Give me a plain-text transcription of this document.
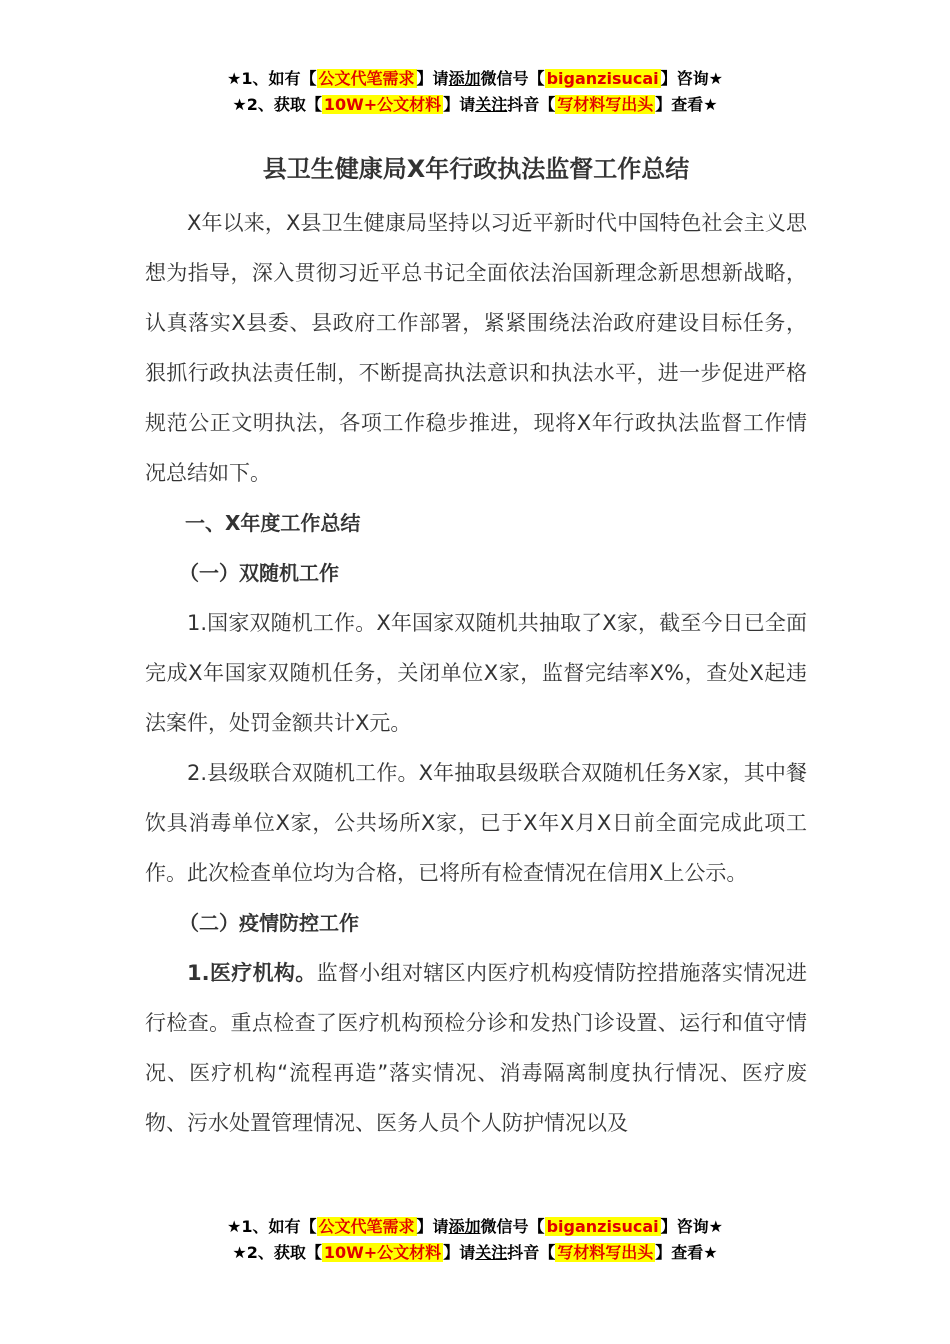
★1、如有【 公文代笔需求 】请添加微信号【 biganzisucai 】咨询★
★2、获取【 10W+公文材料 】请关注抖音【 写材料写出头 】查看★
县卫生健康局X年行政执法监督工作总结

X年以来，X县卫生健康局坚持以习近平新时代中国特色社会主义思想为指导，深入贯彻习近平总书记全面依法治国新理念新思想新战略，认真落实X县委、县政府工作部署，紧紧围绕法治政府建设目标任务，狠抓行政执法责任制，不断提高执法意识和执法水平，进一步促进严格规范公正文明执法，各项工作稳步推进，现将X年行政执法监督工作情况总结如下。

一、X年度工作总结

（一）双随机工作

1.国家双随机工作。X年国家双随机共抽取了X家，截至今日已全面完成X年国家双随机任务，关闭单位X家，监督完结率X%，查处X起违法案件，处罚金额共计X元。

2.县级联合双随机工作。X年抽取县级联合双随机任务X家，其中餐饮具消毒单位X家，公共场所X家，已于X年X月X日前全面完成此项工作。此次检查单位均为合格，已将所有检查情况在信用X上公示。

（二）疫情防控工作

1.医疗机构。监督小组对辖区内医疗机构疫情防控措施落实情况进行检查。重点检查了医疗机构预检分诊和发热门诊设置、运行和值守情况、医疗机构“流程再造”落实情况、消毒隔离制度执行情况、医疗废物、污水处置管理情况、医务人员个人防护情况以及

★1、如有【 公文代笔需求 】请添加微信号【 biganzisucai 】咨询★
★2、获取【 10W+公文材料 】请关注抖音【 写材料写出头 】查看★
